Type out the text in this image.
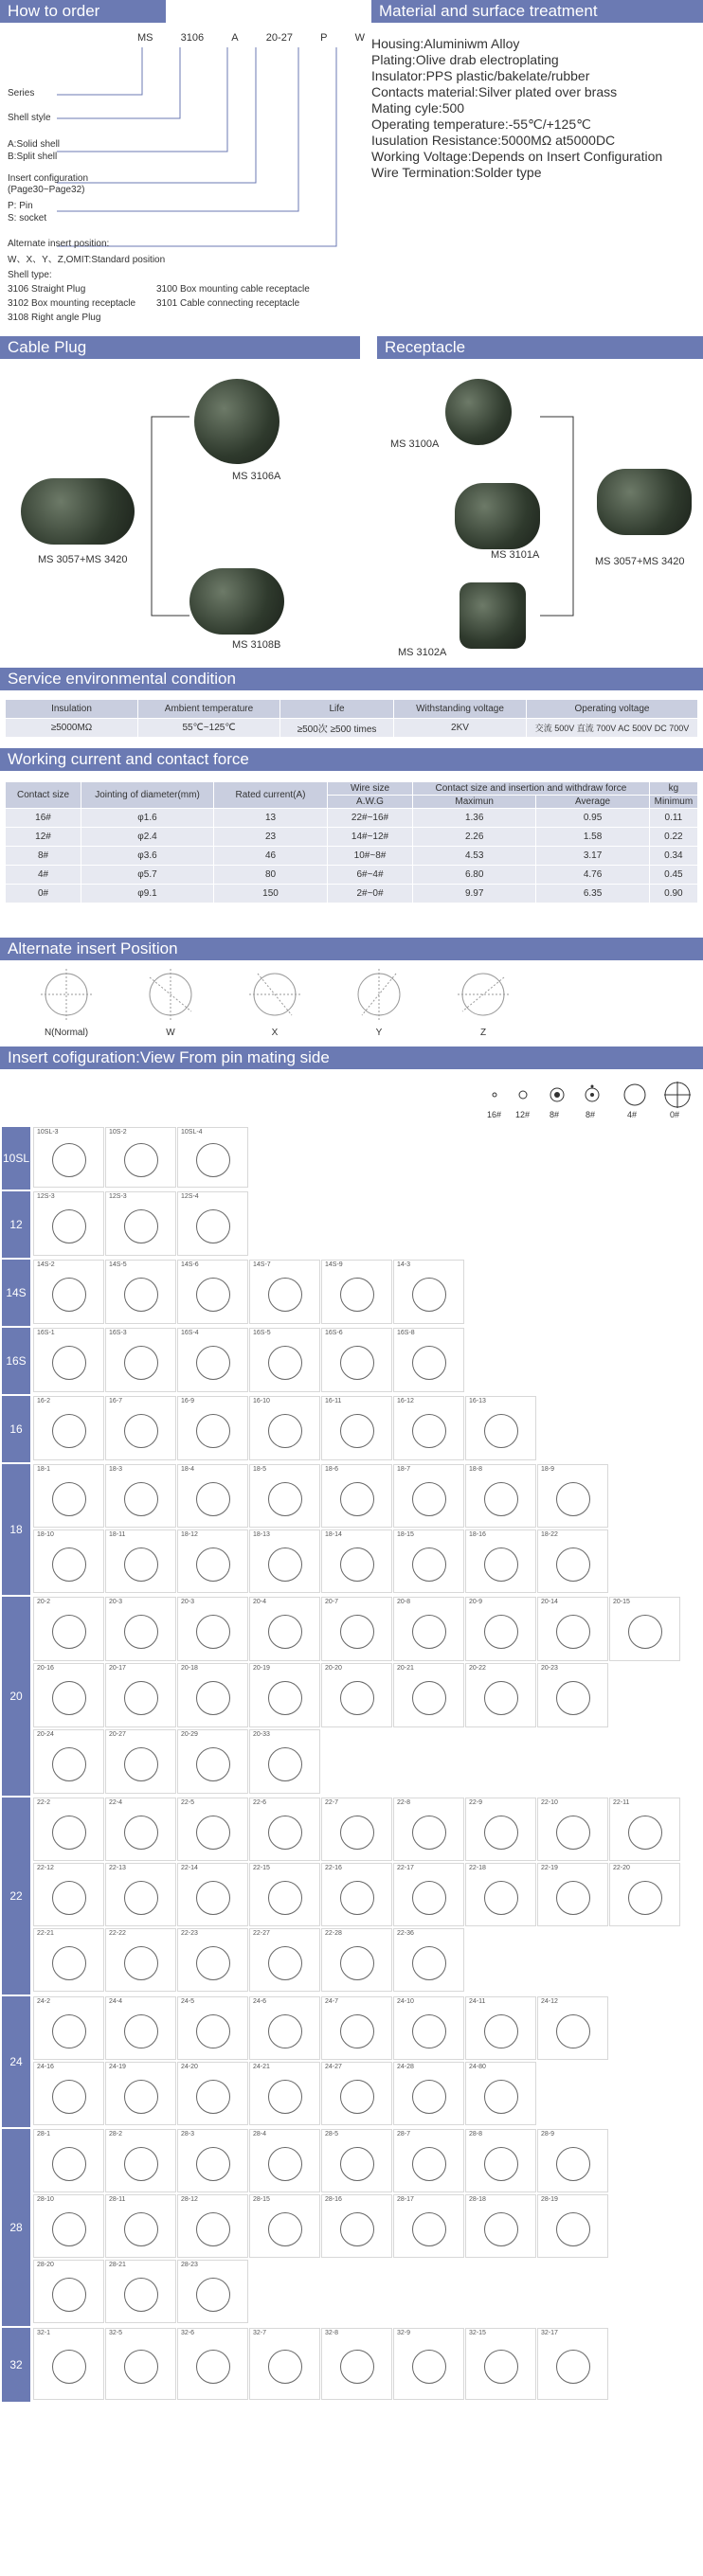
How to order
MS	3106	A	20-27	P	W
Series
Shell style
A:Solid shell
B:Split shell
Insert configuration
(Page30~Page32)
P: Pin
S: socket
Alternate insert position:
W、X、Y、Z,OMIT:Standard position
Shell type:
3106 Straight Plug	3100 Box mounting cable receptacle
3102 Box mounting receptacle 3101 Cable connecting receptacle
3108 Right angle Plug
Material and surface treatment
Housing:Aluminiwm Alloy
Plating:Olive drab electroplating
Insulator:PPS plastic/bakelate/rubber
Contacts material:Silver plated over brass
Mating cyle:500
Operating temperature:-55℃/+125℃
Iusulation Resistance:5000MΩ at5000DC
Working Voltage:Depends on Insert Configuration
Wire Termination:Solder type
Cable Plug
MS 3057+MS 3420
MS 3106A
MS 3108B
Receptacle
MS 3100A
MS 3101A
MS 3102A
MS 3057+MS 3420
Service environmental condition
Insulation	Ambient temperature	Life	Withstanding voltage	Operating voltage
≥5000MΩ	55℃~125℃	≥500次 ≥500 times	2KV	交流 500V 直流 700V AC 500V DC 700V
Working current and contact force
Contact size	Jointing of diameter(mm)	Rated current(A)	Wire size	Contact size and insertion and withdraw force		kg
			A.W.G	Maximun	Average	Minimum
16#	φ1.6	13	22#~16#	1.36	0.95	0.11
12#	φ2.4	23	14#~12#	2.26	1.58	0.22
8#	φ3.6	46	10#~8#	4.53	3.17	0.34
4#	φ5.7	80	6#~4#	6.80	4.76	0.45
0#	φ9.1	150	2#~0#	9.97	6.35	0.90
Alternate insert Position
N(Normal)	W	X	Y	Z
Insert cofiguration:View From pin mating side
16# 12# 8#	8#	4#	0#
10SL
10SL-3	10S-2	10SL-4
12
12S-3	12S-3	12S-4
14S
14S-2	14S-5	14S-6	14S-7	14S-9	14-3
16S
16S-1	16S-3	16S-4	16S-5	16S-6	16S-8
16
16-2	16-7	16-9	16-10	16-11	16-12	16-13
18
18-1	18-3	18-4	18-5	18-6	18-7	18-8	18-9
18-10	18-11	18-12	18-13	18-14	18-15	18-16	18-22
20
20-2	20-3	20-3	20-4	20-7	20-8	20-9	20-14	20-15
20-16	20-17	20-18	20-19	20-20	20-21	20-22	20-23
20-24	20-27	20-29	20-33
22
22-2	22-4	22-5	22-6	22-7	22-8	22-9	22-10	22-11
22-12	22-13	22-14	22-15	22-16	22-17	22-18	22-19	22-20
22-21	22-22	22-23	22-27	22-28	22-36
24
24-2	24-4	24-5	24-6	24-7	24-10	24-11	24-12
24-16	24-19	24-20	24-21	24-27	24-28	24-80
28
28-1	28-2	28-3	28-4	28-5	28-7	28-8	28-9
28-10	28-11	28-12	28-15	28-16	28-17	28-18	28-19
28-20	28-21	28-23
32
32-1	32-5	32-6	32-7	32-8	32-9	32-15	32-17
